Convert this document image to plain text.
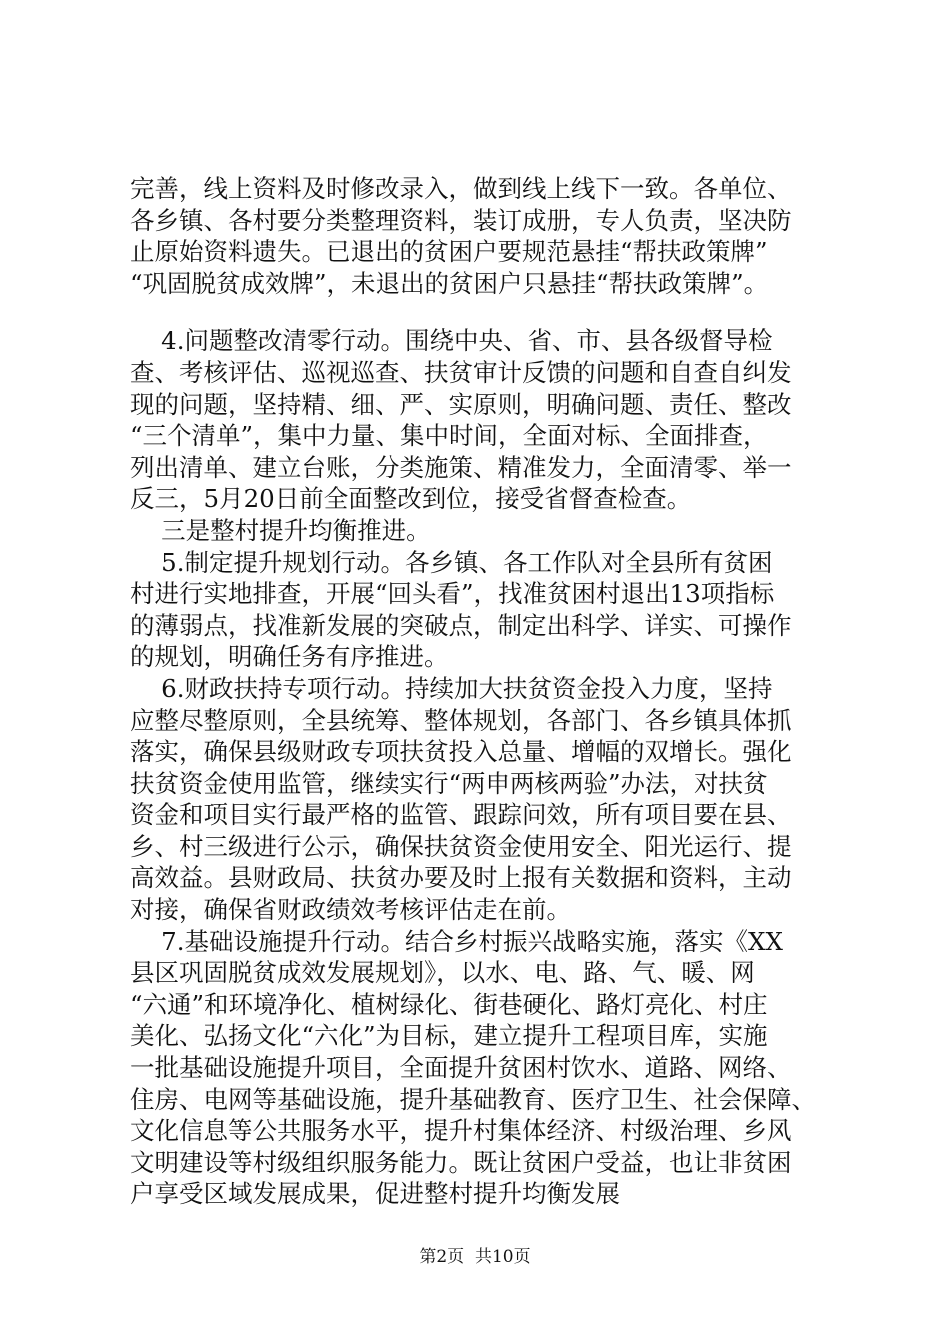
完善，线上资料及时修改录入，做到线上线下一致。各单位、
各乡镇、各村要分类整理资料，装订成册，专人负责，坚决防
止原始资料遗失。已退出的贫困户要规范悬挂“帮扶政策牌”
“巩固脱贫成效牌”，未退出的贫困户只悬挂“帮扶政策牌”。
4.问题整改清零行动。围绕中央、省、市、县各级督导检
查、考核评估、巡视巡查、扶贫审计反馈的问题和自查自纠发
现的问题，坚持精、细、严、实原则，明确问题、责任、整改
“三个清单”，集中力量、集中时间，全面对标、全面排查，
列出清单、建立台账，分类施策、精准发力，全面清零、举一
反三，5月20日前全面整改到位，接受省督查检查。
三是整村提升均衡推进。
5.制定提升规划行动。各乡镇、各工作队对全县所有贫困
村进行实地排查，开展“回头看”，找准贫困村退出13项指标
的薄弱点，找准新发展的突破点，制定出科学、详实、可操作
的规划，明确任务有序推进。
6.财政扶持专项行动。持续加大扶贫资金投入力度，坚持
应整尽整原则，全县统筹、整体规划，各部门、各乡镇具体抓
落实，确保县级财政专项扶贫投入总量、增幅的双增长。强化
扶贫资金使用监管，继续实行“两申两核两验”办法，对扶贫
资金和项目实行最严格的监管、跟踪问效，所有项目要在县、
乡、村三级进行公示，确保扶贫资金使用安全、阳光运行、提
高效益。县财政局、扶贫办要及时上报有关数据和资料，主动
对接，确保省财政绩效考核评估走在前。
7.基础设施提升行动。结合乡村振兴战略实施，落实《XX
县区巩固脱贫成效发展规划》，以水、电、路、气、暖、网
“六通”和环境净化、植树绿化、街巷硬化、路灯亮化、村庄
美化、弘扬文化“六化”为目标，建立提升工程项目库，实施
一批基础设施提升项目，全面提升贫困村饮水、道路、网络、
住房、电网等基础设施，提升基础教育、医疗卫生、社会保障、
文化信息等公共服务水平，提升村集体经济、村级治理、乡风
文明建设等村级组织服务能力。既让贫困户受益，也让非贫困
户享受区域发展成果，促进整村提升均衡发展
第2页  共10页
